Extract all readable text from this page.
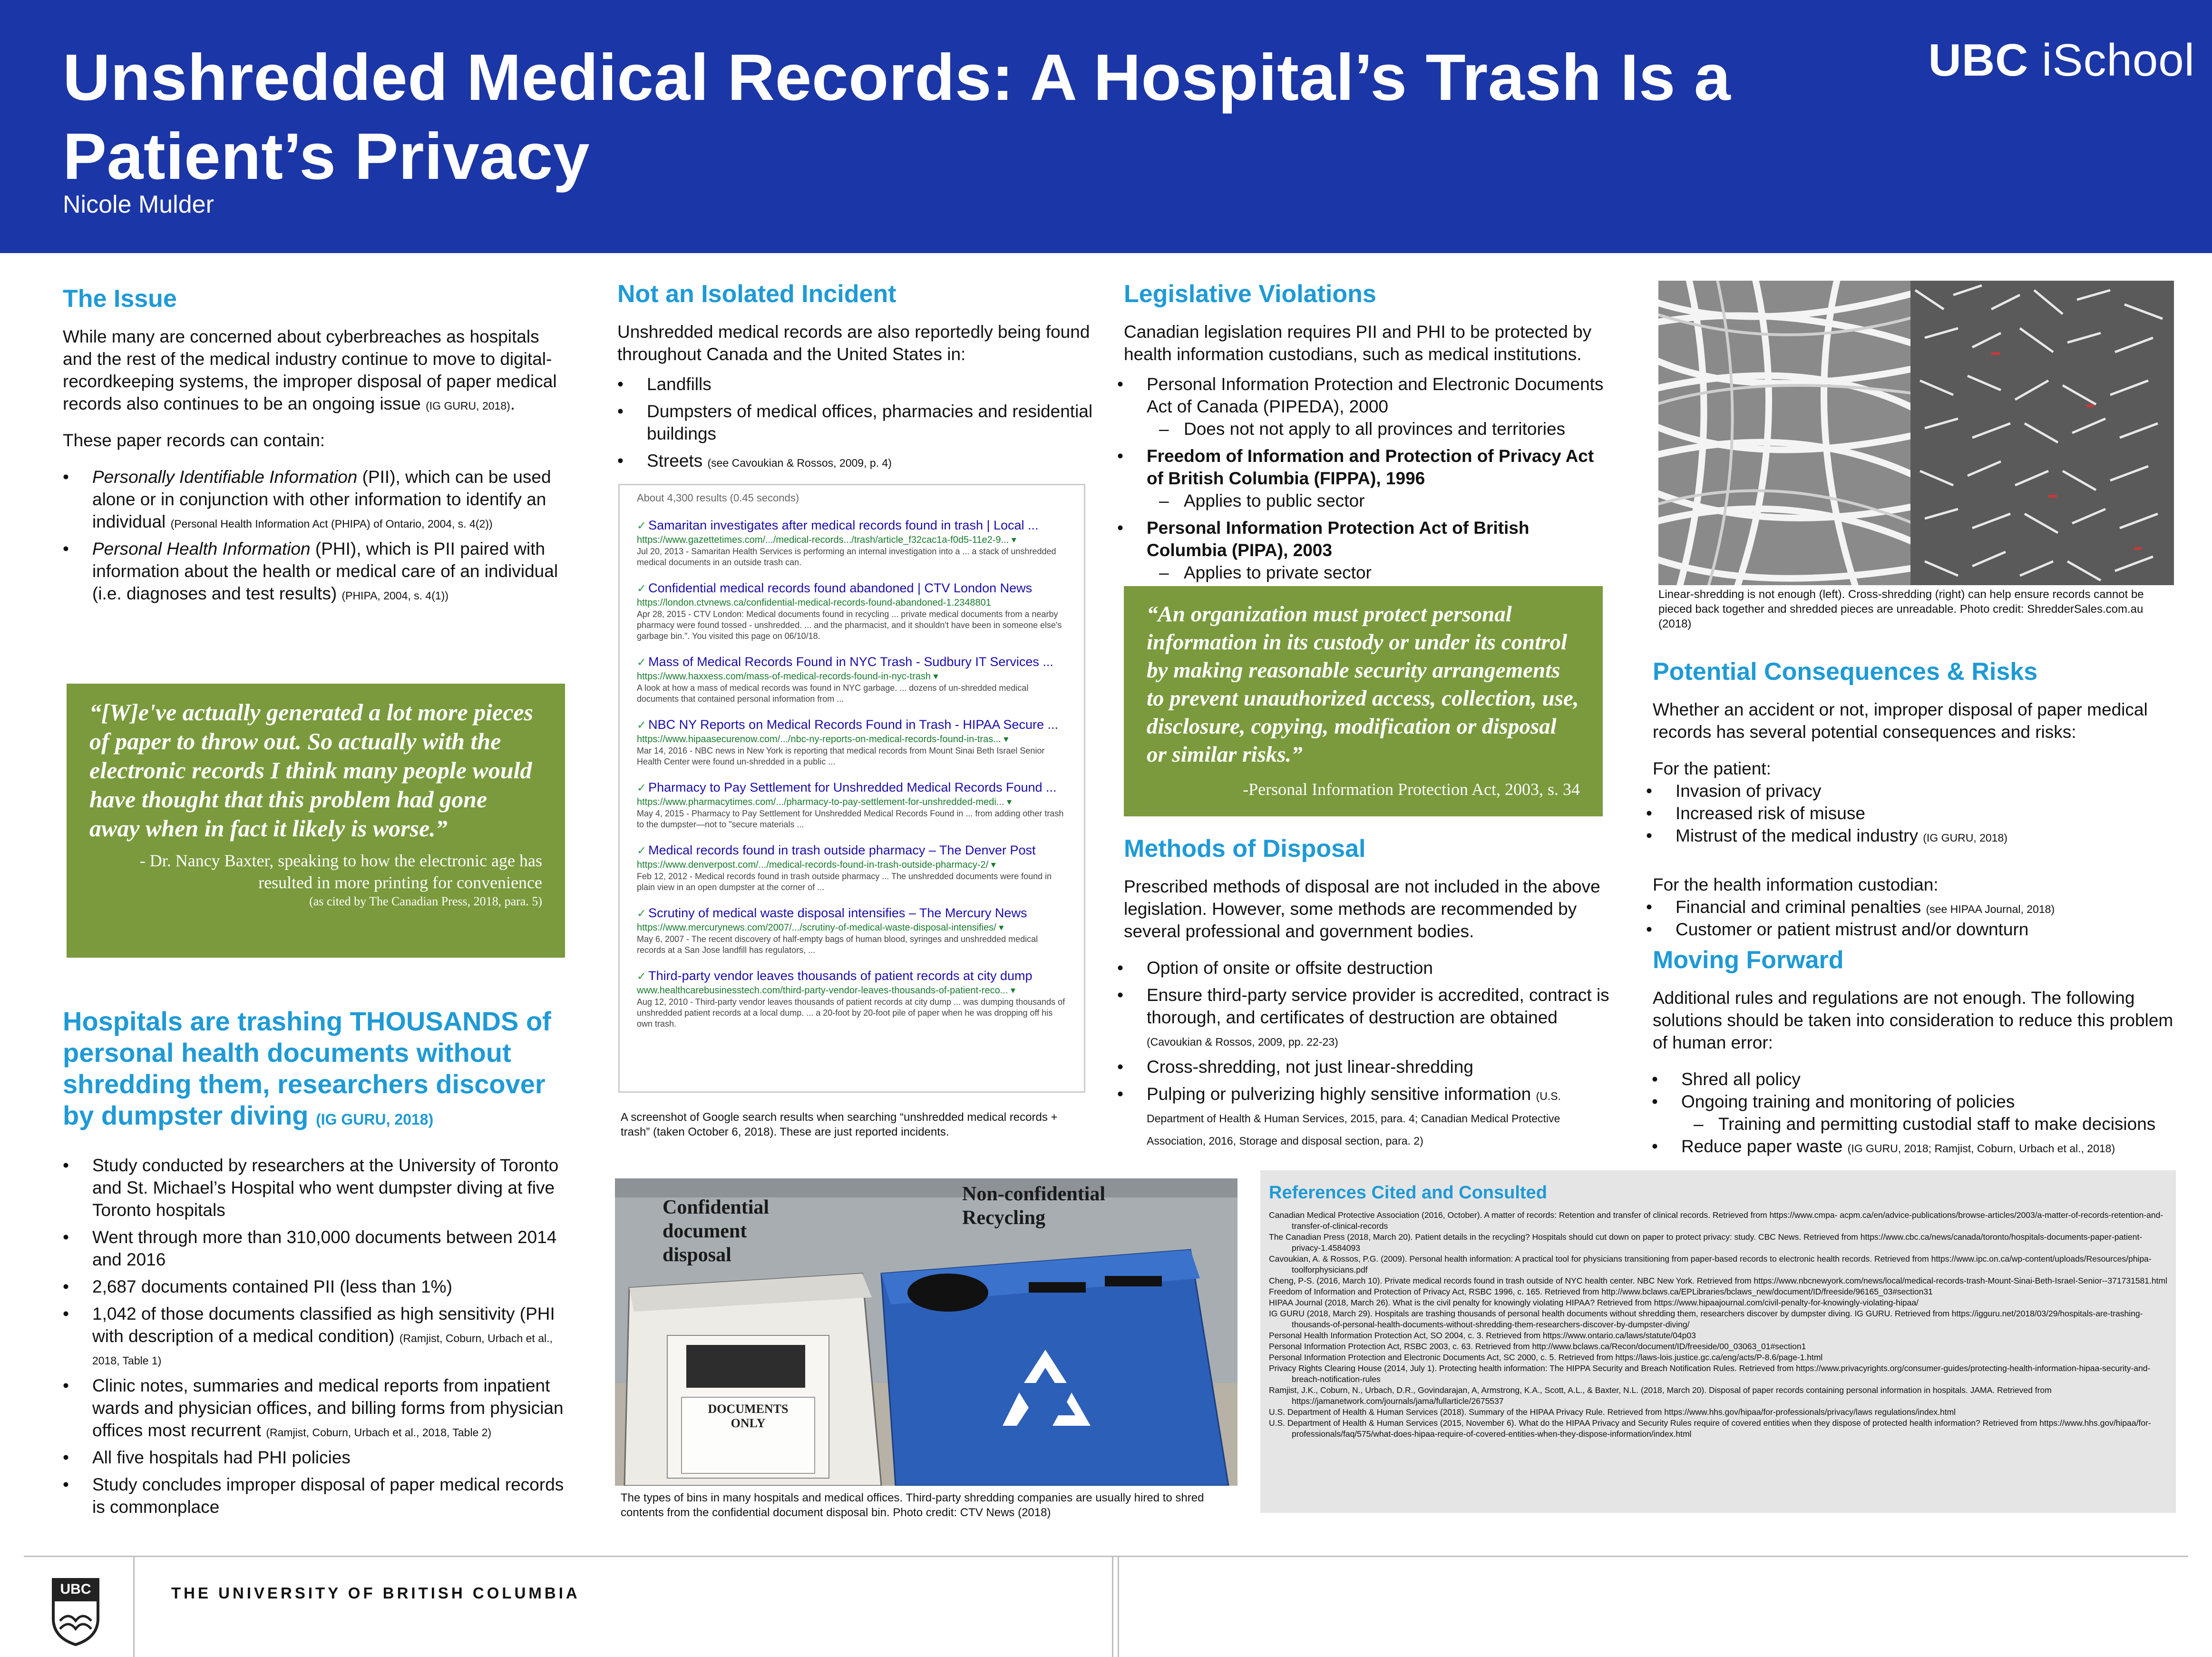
Unshredded Medical Records: A Hospital’s Trash Is a Patient’s Privacy
Nicole Mulder
UBC iSchool
The Issue

While many are concerned about cyberbreaches as hospitals and the rest of the medical industry continue to move to digital-recordkeeping systems, the improper disposal of paper medical records also continues to be an ongoing issue (IG GURU, 2018).

These paper records can contain:

• Personally Identifiable Information (PII), which can be used alone or in conjunction with other information to identify an individual (Personal Health Information Act (PHIPA) of Ontario, 2004, s. 4(2))
• Personal Health Information (PHI), which is PII paired with information about the health or medical care of an individual (i.e. diagnoses and test results) (PHIPA, 2004, s. 4(1))
“[W]e've actually generated a lot more pieces of paper to throw out. So actually with the electronic records I think many people would have thought that this problem had gone away when in fact it likely is worse.”
- Dr. Nancy Baxter, speaking to how the electronic age has resulted in more printing for convenience
(as cited by The Canadian Press, 2018, para. 5)
Hospitals are trashing THOUSANDS of personal health documents without shredding them, researchers discover by dumpster diving (IG GURU, 2018)
• Study conducted by researchers at the University of Toronto and St. Michael’s Hospital who went dumpster diving at five Toronto hospitals
• Went through more than 310,000 documents between 2014 and 2016
• 2,687 documents contained PII (less than 1%)
• 1,042 of those documents classified as high sensitivity (PHI with description of a medical condition) (Ramjist, Coburn, Urbach et al., 2018, Table 1)
• Clinic notes, summaries and medical reports from inpatient wards and physician offices, and billing forms from physician offices most recurrent (Ramjist, Coburn, Urbach et al., 2018, Table 2)
• All five hospitals had PHI policies
• Study concludes improper disposal of paper medical records is commonplace
Not an Isolated Incident

Unshredded medical records are also reportedly being found throughout Canada and the United States in:

• Landfills
• Dumpsters of medical offices, pharmacies and residential buildings
• Streets (see Cavoukian & Rossos, 2009, p. 4)
About 4,300 results (0.45 seconds)
✓ Samaritan investigates after medical records found in trash | Local ...
https://www.gazettetimes.com/.../medical-records.../trash/article_f32cac1a-f0d5-11e2-9... ▾
Jul 20, 2013 - Samaritan Health Services is performing an internal investigation into a ... a stack of unshredded medical documents in an outside trash can.
✓ Confidential medical records found abandoned | CTV London News
https://london.ctvnews.ca/confidential-medical-records-found-abandoned-1.2348801
Apr 28, 2015 - CTV London: Medical documents found in recycling ... private medical documents from a nearby pharmacy were found tossed - unshredded. ... and the pharmacist, and it shouldn't have been in someone else's garbage bin.". You visited this page on 06/10/18.
✓ Mass of Medical Records Found in NYC Trash - Sudbury IT Services ...
https://www.haxxess.com/mass-of-medical-records-found-in-nyc-trash ▾
A look at how a mass of medical records was found in NYC garbage. ... dozens of un-shredded medical documents that contained personal information from ...
✓ NBC NY Reports on Medical Records Found in Trash - HIPAA Secure ...
https://www.hipaasecurenow.com/.../nbc-ny-reports-on-medical-records-found-in-tras... ▾
Mar 14, 2016 - NBC news in New York is reporting that medical records from Mount Sinai Beth Israel Senior Health Center were found un-shredded in a public ...
✓ Pharmacy to Pay Settlement for Unshredded Medical Records Found ...
https://www.pharmacytimes.com/.../pharmacy-to-pay-settlement-for-unshredded-medi... ▾
May 4, 2015 - Pharmacy to Pay Settlement for Unshredded Medical Records Found in ... from adding other trash to the dumpster—not to "secure materials ...
✓ Medical records found in trash outside pharmacy – The Denver Post
https://www.denverpost.com/.../medical-records-found-in-trash-outside-pharmacy-2/ ▾
Feb 12, 2012 - Medical records found in trash outside pharmacy ... The unshredded documents were found in plain view in an open dumpster at the corner of ...
✓ Scrutiny of medical waste disposal intensifies – The Mercury News
https://www.mercurynews.com/2007/.../scrutiny-of-medical-waste-disposal-intensifies/ ▾
May 6, 2007 - The recent discovery of half-empty bags of human blood, syringes and unshredded medical records at a San Jose landfill has regulators, ...
✓ Third-party vendor leaves thousands of patient records at city dump
www.healthcarebusinesstech.com/third-party-vendor-leaves-thousands-of-patient-reco... ▾
Aug 12, 2010 - Third-party vendor leaves thousands of patient records at city dump ... was dumping thousands of unshredded patient records at a local dump. ... a 20-foot by 20-foot pile of paper when he was dropping off his own trash.
A screenshot of Google search results when searching “unshredded medical records + trash” (taken October 6, 2018). These are just reported incidents.
Confidential document disposal
Non-confidential Recycling
DOCUMENTS ONLY
The types of bins in many hospitals and medical offices. Third-party shredding companies are usually hired to shred contents from the confidential document disposal bin. Photo credit: CTV News (2018)
Legislative Violations

Canadian legislation requires PII and PHI to be protected by health information custodians, such as medical institutions.

• Personal Information Protection and Electronic Documents Act of Canada (PIPEDA), 2000
– Does not not apply to all provinces and territories
• Freedom of Information and Protection of Privacy Act of British Columbia (FIPPA), 1996
– Applies to public sector
• Personal Information Protection Act of British Columbia (PIPA), 2003
– Applies to private sector
“An organization must protect personal information in its custody or under its control by making reasonable security arrangements to prevent unauthorized access, collection, use, disclosure, copying, modification or disposal or similar risks.”
-Personal Information Protection Act, 2003, s. 34
Methods of Disposal

Prescribed methods of disposal are not included in the above legislation. However, some methods are recommended by several professional and government bodies.

• Option of onsite or offsite destruction
• Ensure third-party service provider is accredited, contract is thorough, and certificates of destruction are obtained (Cavoukian & Rossos, 2009, pp. 22-23)
• Cross-shredding, not just linear-shredding
• Pulping or pulverizing highly sensitive information (U.S. Department of Health & Human Services, 2015, para. 4; Canadian Medical Protective Association, 2016, Storage and disposal section, para. 2)
Linear-shredding is not enough (left). Cross-shredding (right) can help ensure records cannot be pieced back together and shredded pieces are unreadable. Photo credit: ShredderSales.com.au (2018)
Potential Consequences & Risks

Whether an accident or not, improper disposal of paper medical records has several potential consequences and risks:

For the patient:
• Invasion of privacy
• Increased risk of misuse
• Mistrust of the medical industry (IG GURU, 2018)
For the health information custodian:
• Financial and criminal penalties (see HIPAA Journal, 2018)
• Customer or patient mistrust and/or downturn
Moving Forward

Additional rules and regulations are not enough. The following solutions should be taken into consideration to reduce this problem of human error:

• Shred all policy
• Ongoing training and monitoring of policies
– Training and permitting custodial staff to make decisions
• Reduce paper waste (IG GURU, 2018; Ramjist, Coburn, Urbach et al., 2018)
References Cited and Consulted
Canadian Medical Protective Association (2016, October). A matter of records: Retention and transfer of clinical records. Retrieved from https://www.cmpa- acpm.ca/en/advice-publications/browse-articles/2003/a-matter-of-records-retention-and-transfer-of-clinical-records
The Canadian Press (2018, March 20). Patient details in the recycling? Hospitals should cut down on paper to protect privacy: study. CBC News. Retrieved from https://www.cbc.ca/news/canada/toronto/hospitals-documents-paper-patient-privacy-1.4584093
Cavoukian, A. & Rossos, P.G. (2009). Personal health information: A practical tool for physicians transitioning from paper-based records to electronic health records. Retrieved from https://www.ipc.on.ca/wp-content/uploads/Resources/phipa-toolforphysicians.pdf
Cheng, P-S. (2016, March 10). Private medical records found in trash outside of NYC health center. NBC New York. Retrieved from https://www.nbcnewyork.com/news/local/medical-records-trash-Mount-Sinai-Beth-Israel-Senior--371731581.html
Freedom of Information and Protection of Privacy Act, RSBC 1996, c. 165. Retrieved from http://www.bclaws.ca/EPLibraries/bclaws_new/document/ID/freeside/96165_03#section31
HIPAA Journal (2018, March 26). What is the civil penalty for knowingly violating HIPAA? Retrieved from https://www.hipaajournal.com/civil-penalty-for-knowingly-violating-hipaa/
IG GURU (2018, March 29). Hospitals are trashing thousands of personal health documents without shredding them, researchers discover by dumpster diving. IG GURU. Retrieved from https://igguru.net/2018/03/29/hospitals-are-trashing-thousands-of-personal-health-documents-without-shredding-them-researchers-discover-by-dumpster-diving/
Personal Health Information Protection Act, SO 2004, c. 3. Retrieved from https://www.ontario.ca/laws/statute/04p03
Personal Information Protection Act, RSBC 2003, c. 63. Retrieved from http://www.bclaws.ca/Recon/document/ID/freeside/00_03063_01#section1
Personal Information Protection and Electronic Documents Act, SC 2000, c. 5. Retrieved from https://laws-lois.justice.gc.ca/eng/acts/P-8.6/page-1.html
Privacy Rights Clearing House (2014, July 1). Protecting health information: The HIPPA Security and Breach Notification Rules. Retrieved from https://www.privacyrights.org/consumer-guides/protecting-health-information-hipaa-security-and-breach-notification-rules
Ramjist, J.K., Coburn, N., Urbach, D.R., Govindarajan, A, Armstrong, K.A., Scott, A.L., & Baxter, N.L. (2018, March 20). Disposal of paper records containing personal information in hospitals. JAMA. Retrieved from https://jamanetwork.com/journals/jama/fullarticle/2675537
U.S. Department of Health & Human Services (2018). Summary of the HIPAA Privacy Rule. Retrieved from https://www.hhs.gov/hipaa/for-professionals/privacy/laws regulations/index.html
U.S. Department of Health & Human Services (2015, November 6). What do the HIPAA Privacy and Security Rules require of covered entities when they dispose of protected health information? Retrieved from https://www.hhs.gov/hipaa/for-professionals/faq/575/what-does-hipaa-require-of-covered-entities-when-they-dispose-information/index.html
UBC	THE UNIVERSITY OF BRITISH COLUMBIA
